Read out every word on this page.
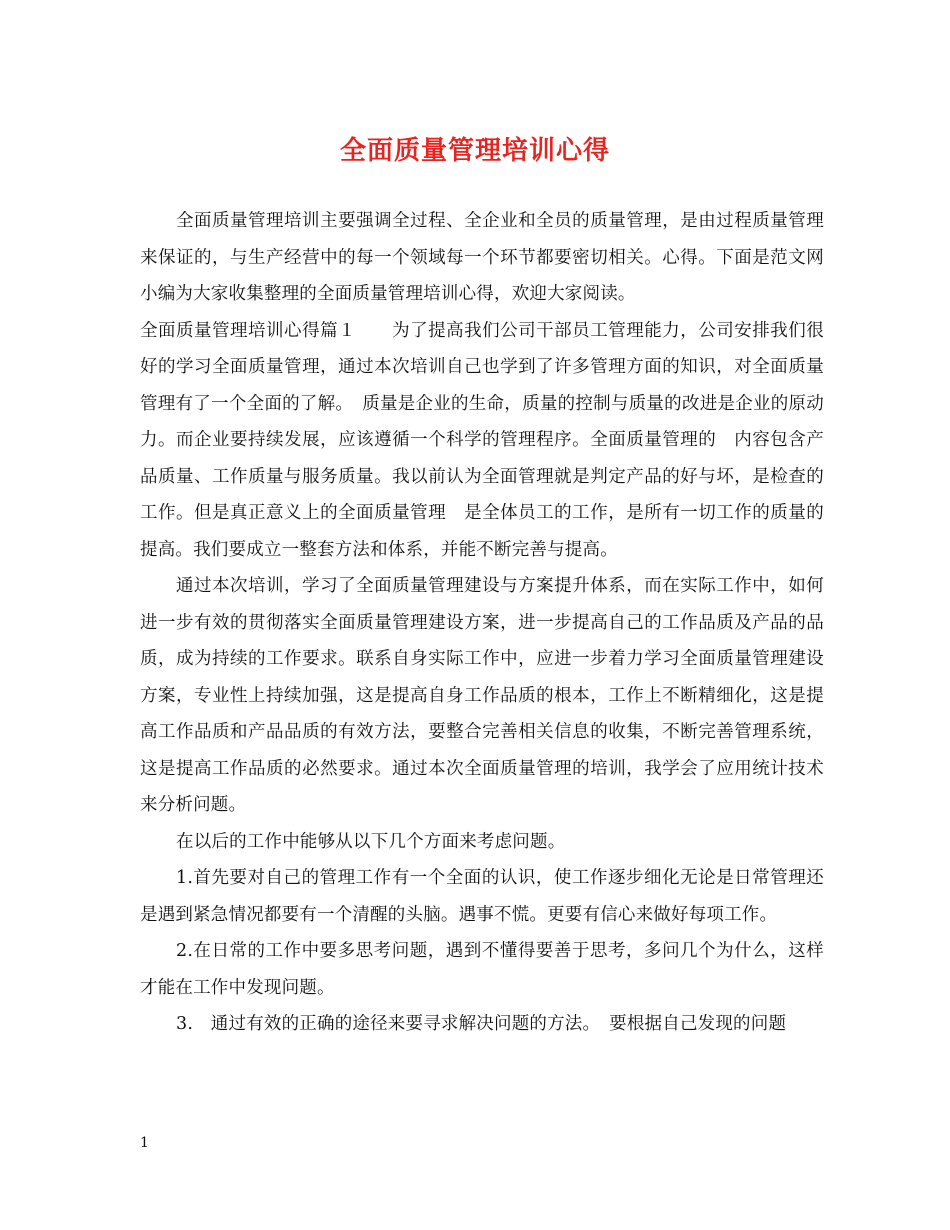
全面质量管理培训心得

全面质量管理培训主要强调全过程、全企业和全员的质量管理，是由过程质量管理来保证的，与生产经营中的每一个领域每一个环节都要密切相关。心得。下面是范文网小编为大家收集整理的全面质量管理培训心得，欢迎大家阅读。

全面质量管理培训心得篇１　　为了提高我们公司干部员工管理能力，公司安排我们很好的学习全面质量管理，通过本次培训自己也学到了许多管理方面的知识，对全面质量管理有了一个全面的了解。　质量是企业的生命，质量的控制与质量的改进是企业的原动力。而企业要持续发展，应该遵循一个科学的管理程序。全面质量管理的　内容包含产品质量、工作质量与服务质量。我以前认为全面管理就是判定产品的好与坏，是检查的工作。但是真正意义上的全面质量管理　是全体员工的工作，是所有一切工作的质量的提高。我们要成立一整套方法和体系，并能不断完善与提高。

通过本次培训，学习了全面质量管理建设与方案提升体系，而在实际工作中，如何进一步有效的贯彻落实全面质量管理建设方案，进一步提高自己的工作品质及产品的品质，成为持续的工作要求。联系自身实际工作中，应进一步着力学习全面质量管理建设方案，专业性上持续加强，这是提高自身工作品质的根本，工作上不断精细化，这是提高工作品质和产品品质的有效方法，要整合完善相关信息的收集，不断完善管理系统，这是提高工作品质的必然要求。通过本次全面质量管理的培训，我学会了应用统计技术来分析问题。

在以后的工作中能够从以下几个方面来考虑问题。

1.首先要对自己的管理工作有一个全面的认识，使工作逐步细化无论是日常管理还是遇到紧急情况都要有一个清醒的头脑。遇事不慌。更要有信心来做好每项工作。

2.在日常的工作中要多思考问题，遇到不懂得要善于思考，多问几个为什么，这样才能在工作中发现问题。

3.　通过有效的正确的途径来要寻求解决问题的方法。　要根据自己发现的问题

1
